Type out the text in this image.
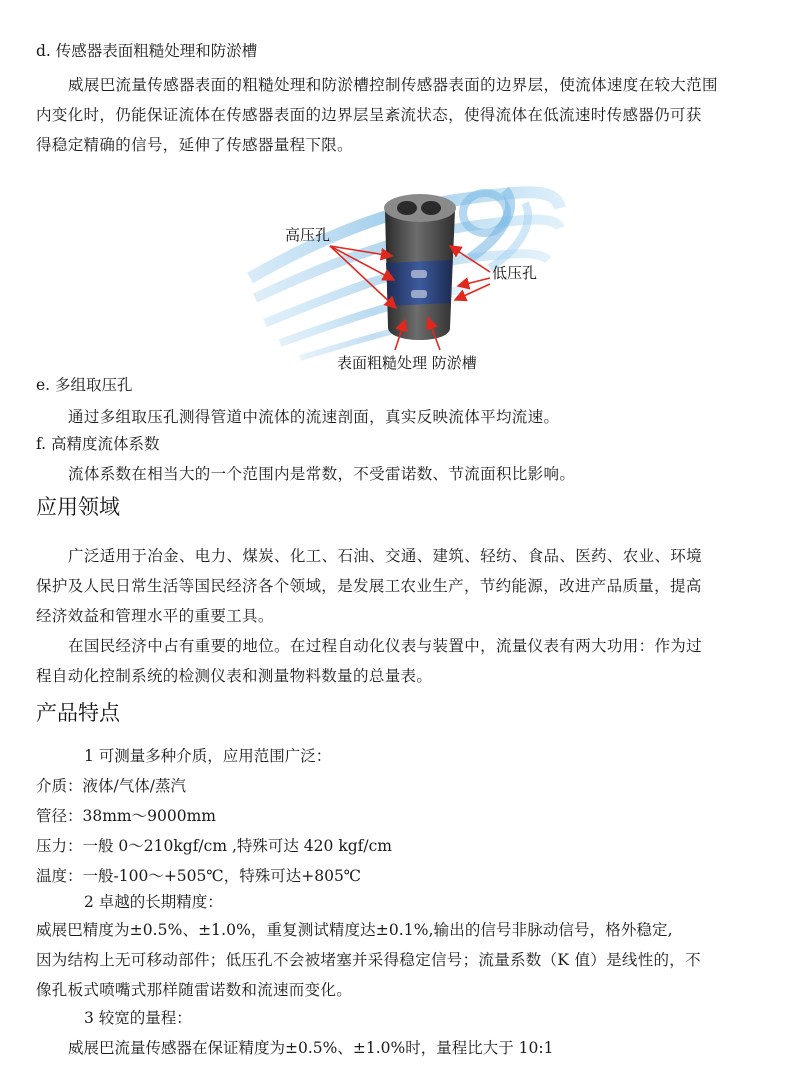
d. 传感器表面粗糙处理和防淤槽
威展巴流量传感器表面的粗糙处理和防淤槽控制传感器表面的边界层，使流体速度在较大范围
内变化时，仍能保证流体在传感器表面的边界层呈紊流状态，使得流体在低流速时传感器仍可获
得稳定精确的信号，延伸了传感器量程下限。
高压孔
低压孔
表面粗糙处理 防淤槽
e. 多组取压孔
通过多组取压孔测得管道中流体的流速剖面，真实反映流体平均流速。
f. 高精度流体系数
流体系数在相当大的一个范围内是常数，不受雷诺数、节流面积比影响。
应用领域
广泛适用于冶金、电力、煤炭、化工、石油、交通、建筑、轻纺、食品、医药、农业、环境
保护及人民日常生活等国民经济各个领域，是发展工农业生产，节约能源，改进产品质量，提高
经济效益和管理水平的重要工具。
在国民经济中占有重要的地位。在过程自动化仪表与装置中，流量仪表有两大功用：作为过
程自动化控制系统的检测仪表和测量物料数量的总量表。
产品特点
1 可测量多种介质，应用范围广泛：
介质：液体/气体/蒸汽
管径：38mm～9000mm
压力：一般 0～210kgf/cm ,特殊可达 420 kgf/cm
温度：一般-100～+505℃，特殊可达+805℃
2 卓越的长期精度：
威展巴精度为±0.5%、±1.0%，重复测试精度达±0.1%,输出的信号非脉动信号，格外稳定,
因为结构上无可移动部件；低压孔不会被堵塞并采得稳定信号；流量系数（K 值）是线性的，不
像孔板式喷嘴式那样随雷诺数和流速而变化。
3 较宽的量程：
威展巴流量传感器在保证精度为±0.5%、±1.0%时，量程比大于 10:1
